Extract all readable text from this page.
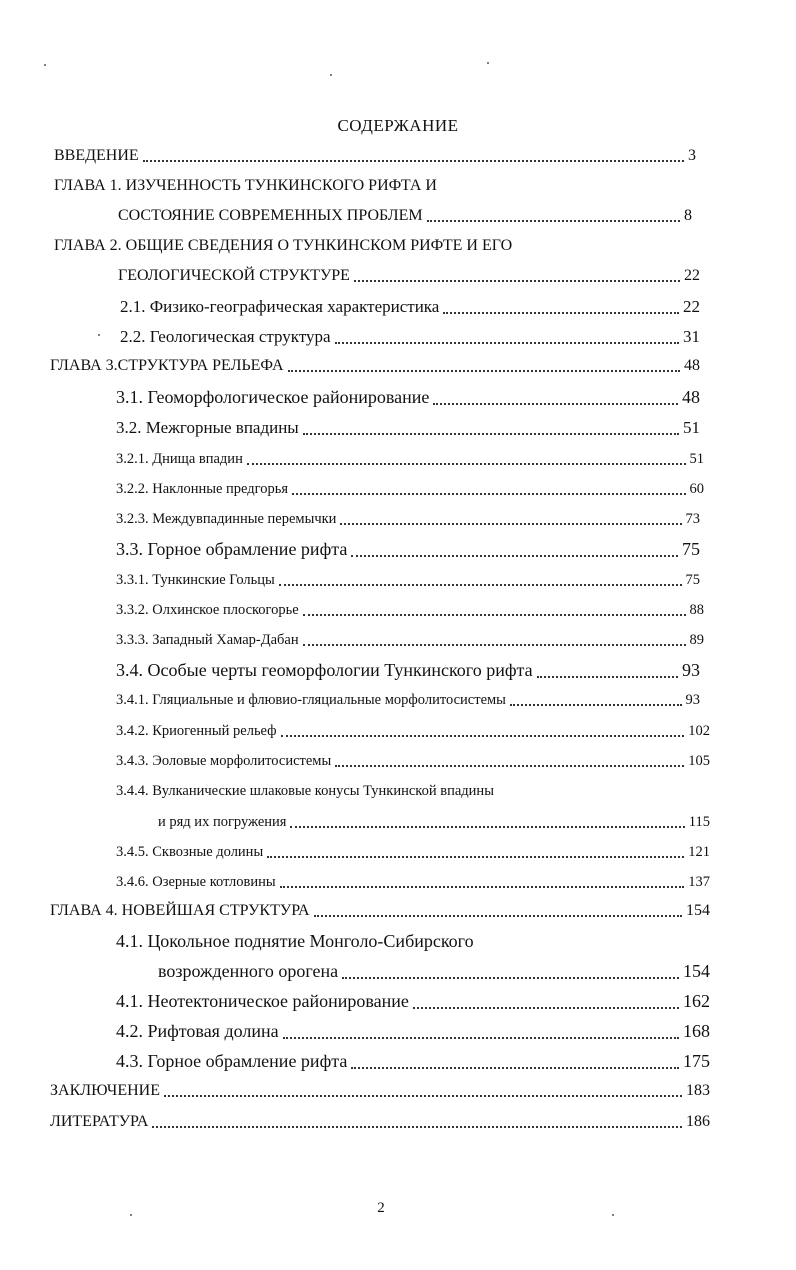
СОДЕРЖАНИЕ
ВВЕДЕНИЕ	3
ГЛАВА 1. ИЗУЧЕННОСТЬ ТУНКИНСКОГО РИФТА И
СОСТОЯНИЕ СОВРЕМЕННЫХ ПРОБЛЕМ	8
ГЛАВА 2. ОБЩИЕ СВЕДЕНИЯ О ТУНКИНСКОМ РИФТЕ И ЕГО
ГЕОЛОГИЧЕСКОЙ СТРУКТУРЕ	22
2.1. Физико-географическая характеристика	22
2.2. Геологическая структура	31
ГЛАВА 3.СТРУКТУРА РЕЛЬЕФА	48
3.1. Геоморфологическое районирование	48
3.2. Межгорные впадины	51
3.2.1. Днища впадин	51
3.2.2. Наклонные предгорья	60
3.2.3. Междувпадинные перемычки	73
3.3. Горное обрамление рифта	75
3.3.1. Тункинские Гольцы	75
3.3.2. Олхинское плоскогорье	88
3.3.3. Западный Хамар-Дабан	89
3.4. Особые черты геоморфологии Тункинского рифта	93
3.4.1. Гляциальные и флювио-гляциальные морфолитосистемы	93
3.4.2. Криогенный рельеф	102
3.4.3. Эоловые морфолитосистемы	105
3.4.4. Вулканические шлаковые конусы Тункинской впадины
и ряд их погружения	115
3.4.5. Сквозные долины	121
3.4.6. Озерные котловины	137
ГЛАВА 4. НОВЕЙШАЯ СТРУКТУРА	154
4.1. Цокольное поднятие Монголо-Сибирского
возрожденного орогена	154
4.1. Неотектоническое районирование	162
4.2. Рифтовая долина	168
4.3. Горное обрамление рифта	175
ЗАКЛЮЧЕНИЕ	183
ЛИТЕРАТУРА	186
2
